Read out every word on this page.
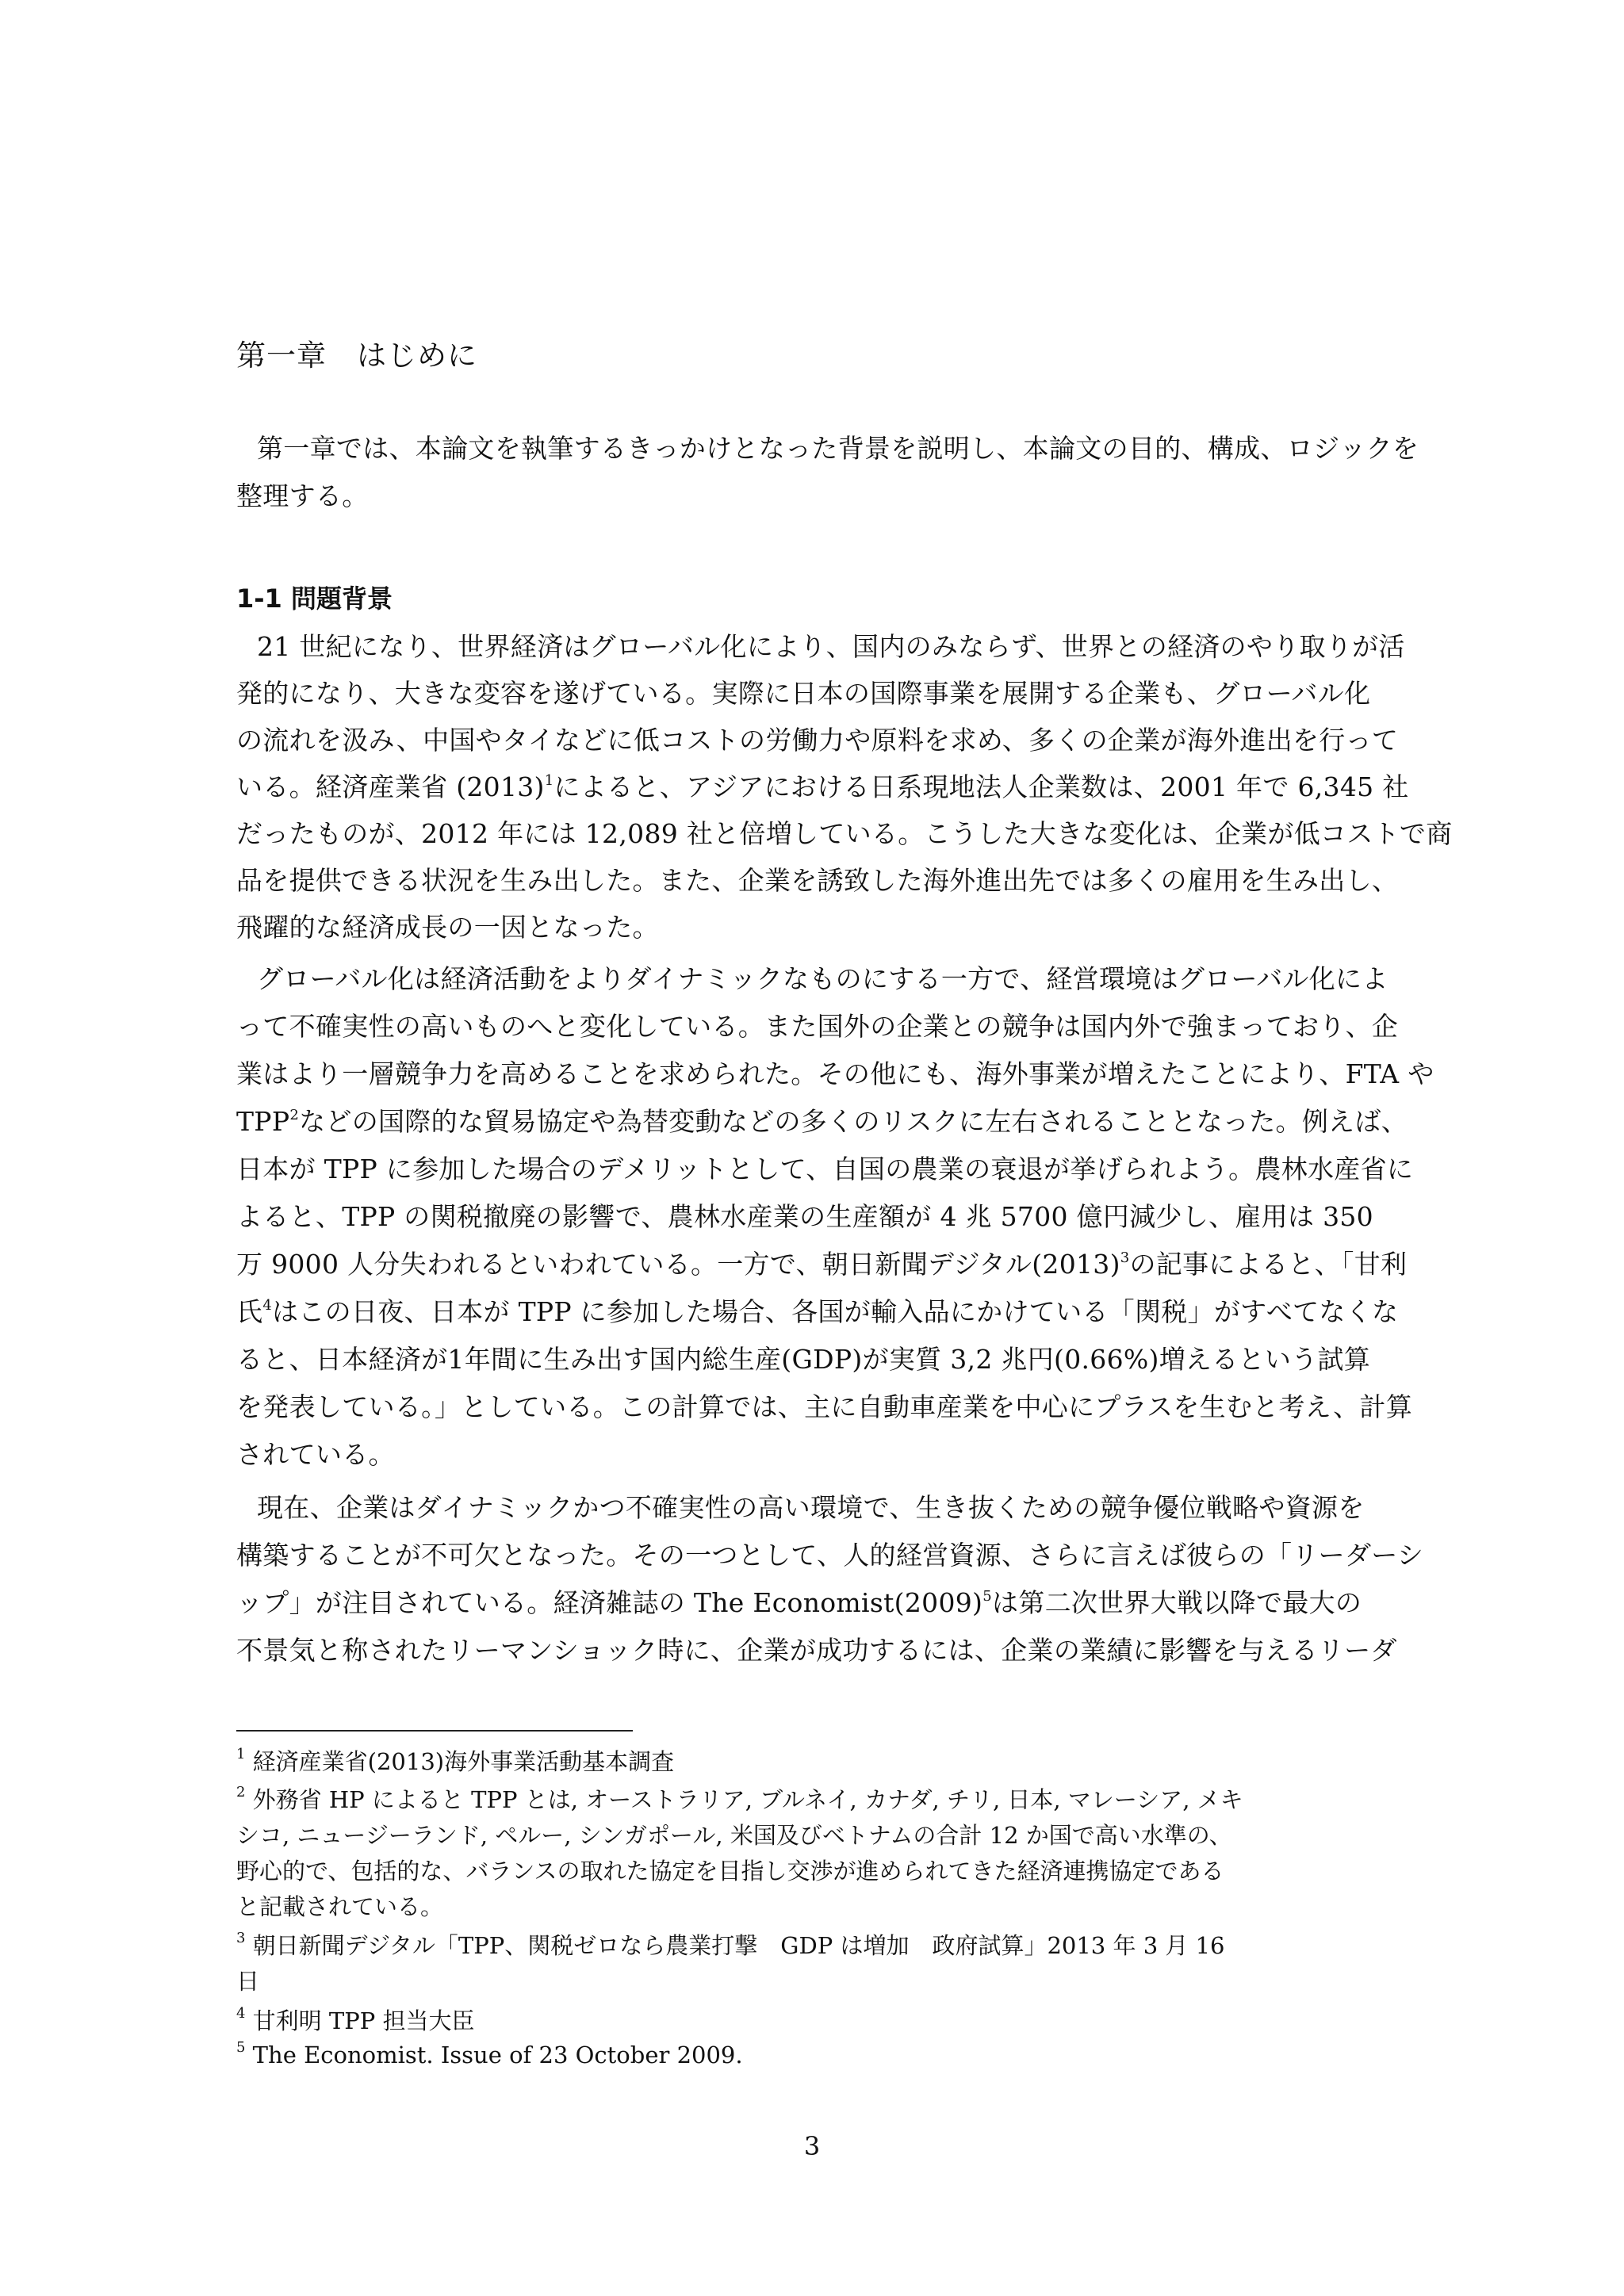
第一章　はじめに
第一章では、本論文を執筆するきっかけとなった背景を説明し、本論文の目的、構成、ロジックを
整理する。
1-1 問題背景
21 世紀になり、世界経済はグローバル化により、国内のみならず、世界との経済のやり取りが活
発的になり、大きな変容を遂げている。実際に日本の国際事業を展開する企業も、グローバル化
の流れを汲み、中国やタイなどに低コストの労働力や原料を求め、多くの企業が海外進出を行って
いる。経済産業省 $(2013)^1$によると、アジアにおける日系現地法人企業数は、2001 年で 6,345 社
だったものが、2012 年には 12,089 社と倍増している。こうした大きな変化は、企業が低コストで商
品を提供できる状況を生み出した。また、企業を誘致した海外進出先では多くの雇用を生み出し、
飛躍的な経済成長の一因となった。
グローバル化は経済活動をよりダイナミックなものにする一方で、経営環境はグローバル化によ
って不確実性の高いものへと変化している。また国外の企業との競争は国内外で強まっており、企
業はより一層競争力を高めることを求められた。その他にも、海外事業が増えたことにより、FTA や
TPP$^2$などの国際的な貿易協定や為替変動などの多くのリスクに左右されることとなった。例えば、
日本が TPP に参加した場合のデメリットとして、自国の農業の衰退が挙げられよう。農林水産省に
よると、TPP の関税撤廃の影響で、農林水産業の生産額が 4 兆 5700 億円減少し、雇用は 350
万 9000 人分失われるといわれている。一方で、朝日新聞デジタル$(2013)^3$の記事によると、「甘利
氏$^4$はこの日夜、日本が TPP に参加した場合、各国が輸入品にかけている「関税」がすべてなくな
ると、日本経済が1年間に生み出す国内総生産(GDP)が実質 3,2 兆円(0.66%)増えるという試算
を発表している。」としている。この計算では、主に自動車産業を中心にプラスを生むと考え、計算
されている。
現在、企業はダイナミックかつ不確実性の高い環境で、生き抜くための競争優位戦略や資源を
構築することが不可欠となった。その一つとして、人的経営資源、さらに言えば彼らの「リーダーシ
ップ」が注目されている。経済雑誌の The $Economist(2009)^5$は第二次世界大戦以降で最大の
不景気と称されたリーマンショック時に、企業が成功するには、企業の業績に影響を与えるリーダ
$^1$ 経済産業省(2013)海外事業活動基本調査
$^2$ 外務省 HP によると TPP とは, オーストラリア, ブルネイ, カナダ, チリ, 日本, マレーシア, メキ
シコ, ニュージーランド, ペルー, シンガポール, 米国及びベトナムの合計 12 か国で高い水準の、
野心的で、包括的な、バランスの取れた協定を目指し交渉が進められてきた経済連携協定である
と記載されている。
$^3$ 朝日新聞デジタル「TPP、関税ゼロなら農業打撃　GDP は増加　政府試算」2013 年 3 月 16
日
$^4$ 甘利明 TPP 担当大臣
$^5$ The Economist. Issue of 23 October 2009.
3
